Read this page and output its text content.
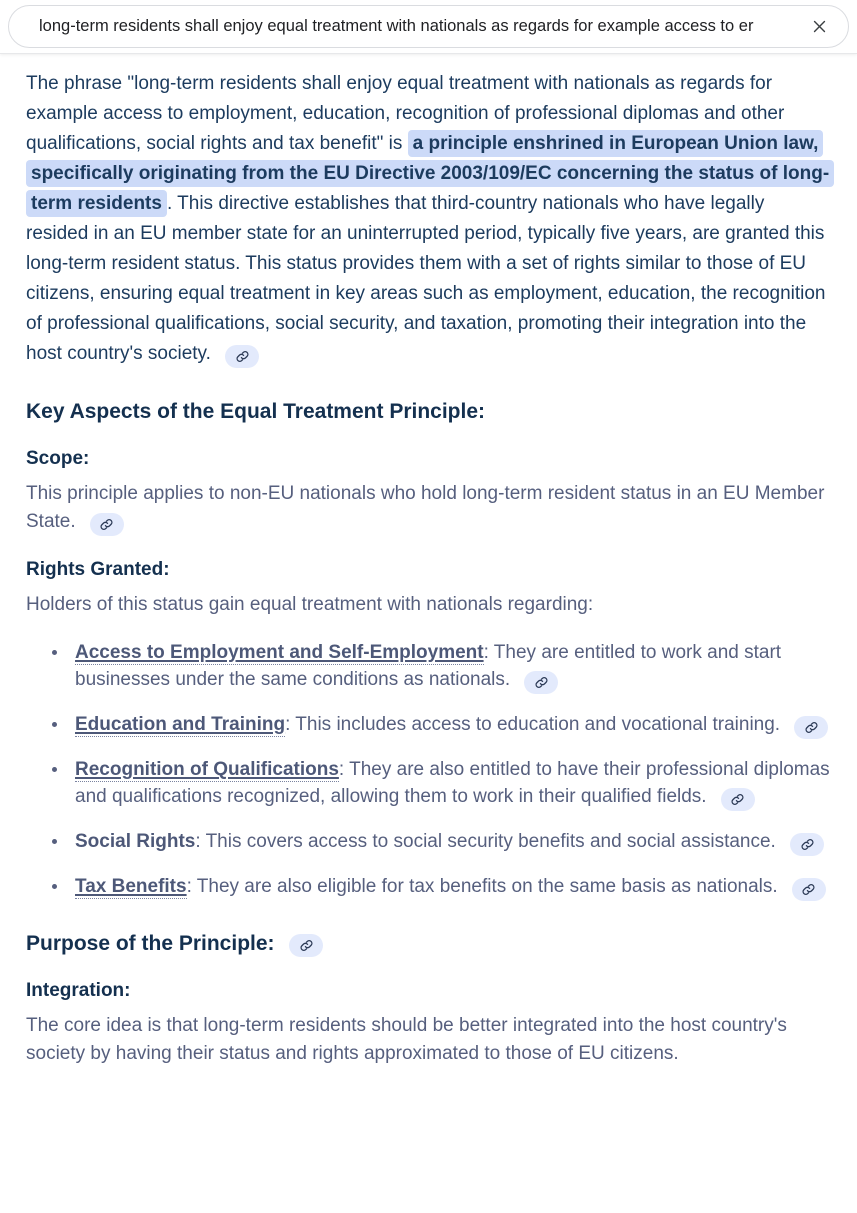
long-term residents shall enjoy equal treatment with nationals as regards for example access to er

The phrase "long-term residents shall enjoy equal treatment with nationals as regards for example access to employment, education, recognition of professional diplomas and other qualifications, social rights and tax benefit" is a principle enshrined in European Union law, specifically originating from the EU Directive 2003/109/EC concerning the status of long-term residents . This directive establishes that third-country nationals who have legally resided in an EU member state for an uninterrupted period, typically five years, are granted this long-term resident status. This status provides them with a set of rights similar to those of EU citizens, ensuring equal treatment in key areas such as employment, education, the recognition of professional qualifications, social security, and taxation, promoting their integration into the host country's society.

Key Aspects of the Equal Treatment Principle:
Scope:

This principle applies to non-EU nationals who hold long-term resident status in an EU Member State.

Rights Granted:

Holders of this status gain equal treatment with nationals regarding:

Access to Employment and Self-Employment: They are entitled to work and start businesses under the same conditions as nationals.
Education and Training: This includes access to education and vocational training.
Recognition of Qualifications: They are also entitled to have their professional diplomas and qualifications recognized, allowing them to work in their qualified fields.
Social Rights: This covers access to social security benefits and social assistance.
Tax Benefits: They are also eligible for tax benefits on the same basis as nationals.
Purpose of the Principle:
Integration:

The core idea is that long-term residents should be better integrated into the host country's society by having their status and rights approximated to those of EU citizens.
